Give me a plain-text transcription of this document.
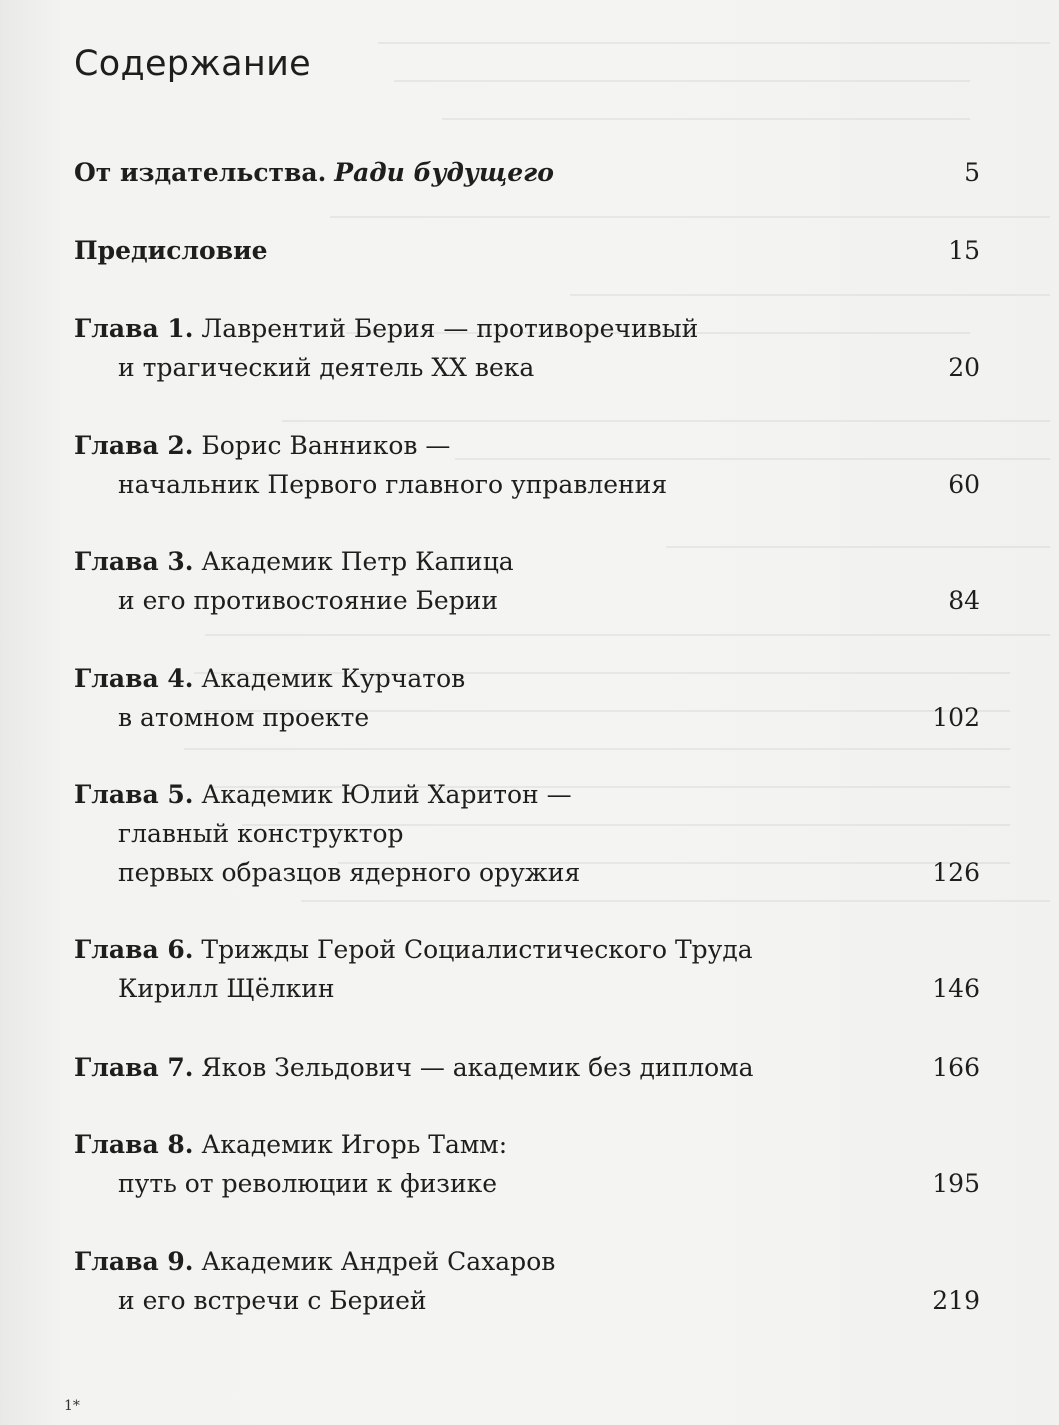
Содержание
От издательства. Ради будущего	5
Предисловие	15
Глава 1. Лаврентий Берия — противоречивый
и трагический деятель XX века	20
Глава 2. Борис Ванников —
начальник Первого главного управления	60
Глава 3. Академик Петр Капица
и его противостояние Берии	84
Глава 4. Академик Курчатов
в атомном проекте	102
Глава 5. Академик Юлий Харитон —
главный конструктор
первых образцов ядерного оружия	126
Глава 6. Трижды Герой Социалистического Труда
Кирилл Щёлкин	146
Глава 7. Яков Зельдович — академик без диплома	166
Глава 8. Академик Игорь Тамм:
путь от революции к физике	195
Глава 9. Академик Андрей Сахаров
и его встречи с Берией	219
1*
